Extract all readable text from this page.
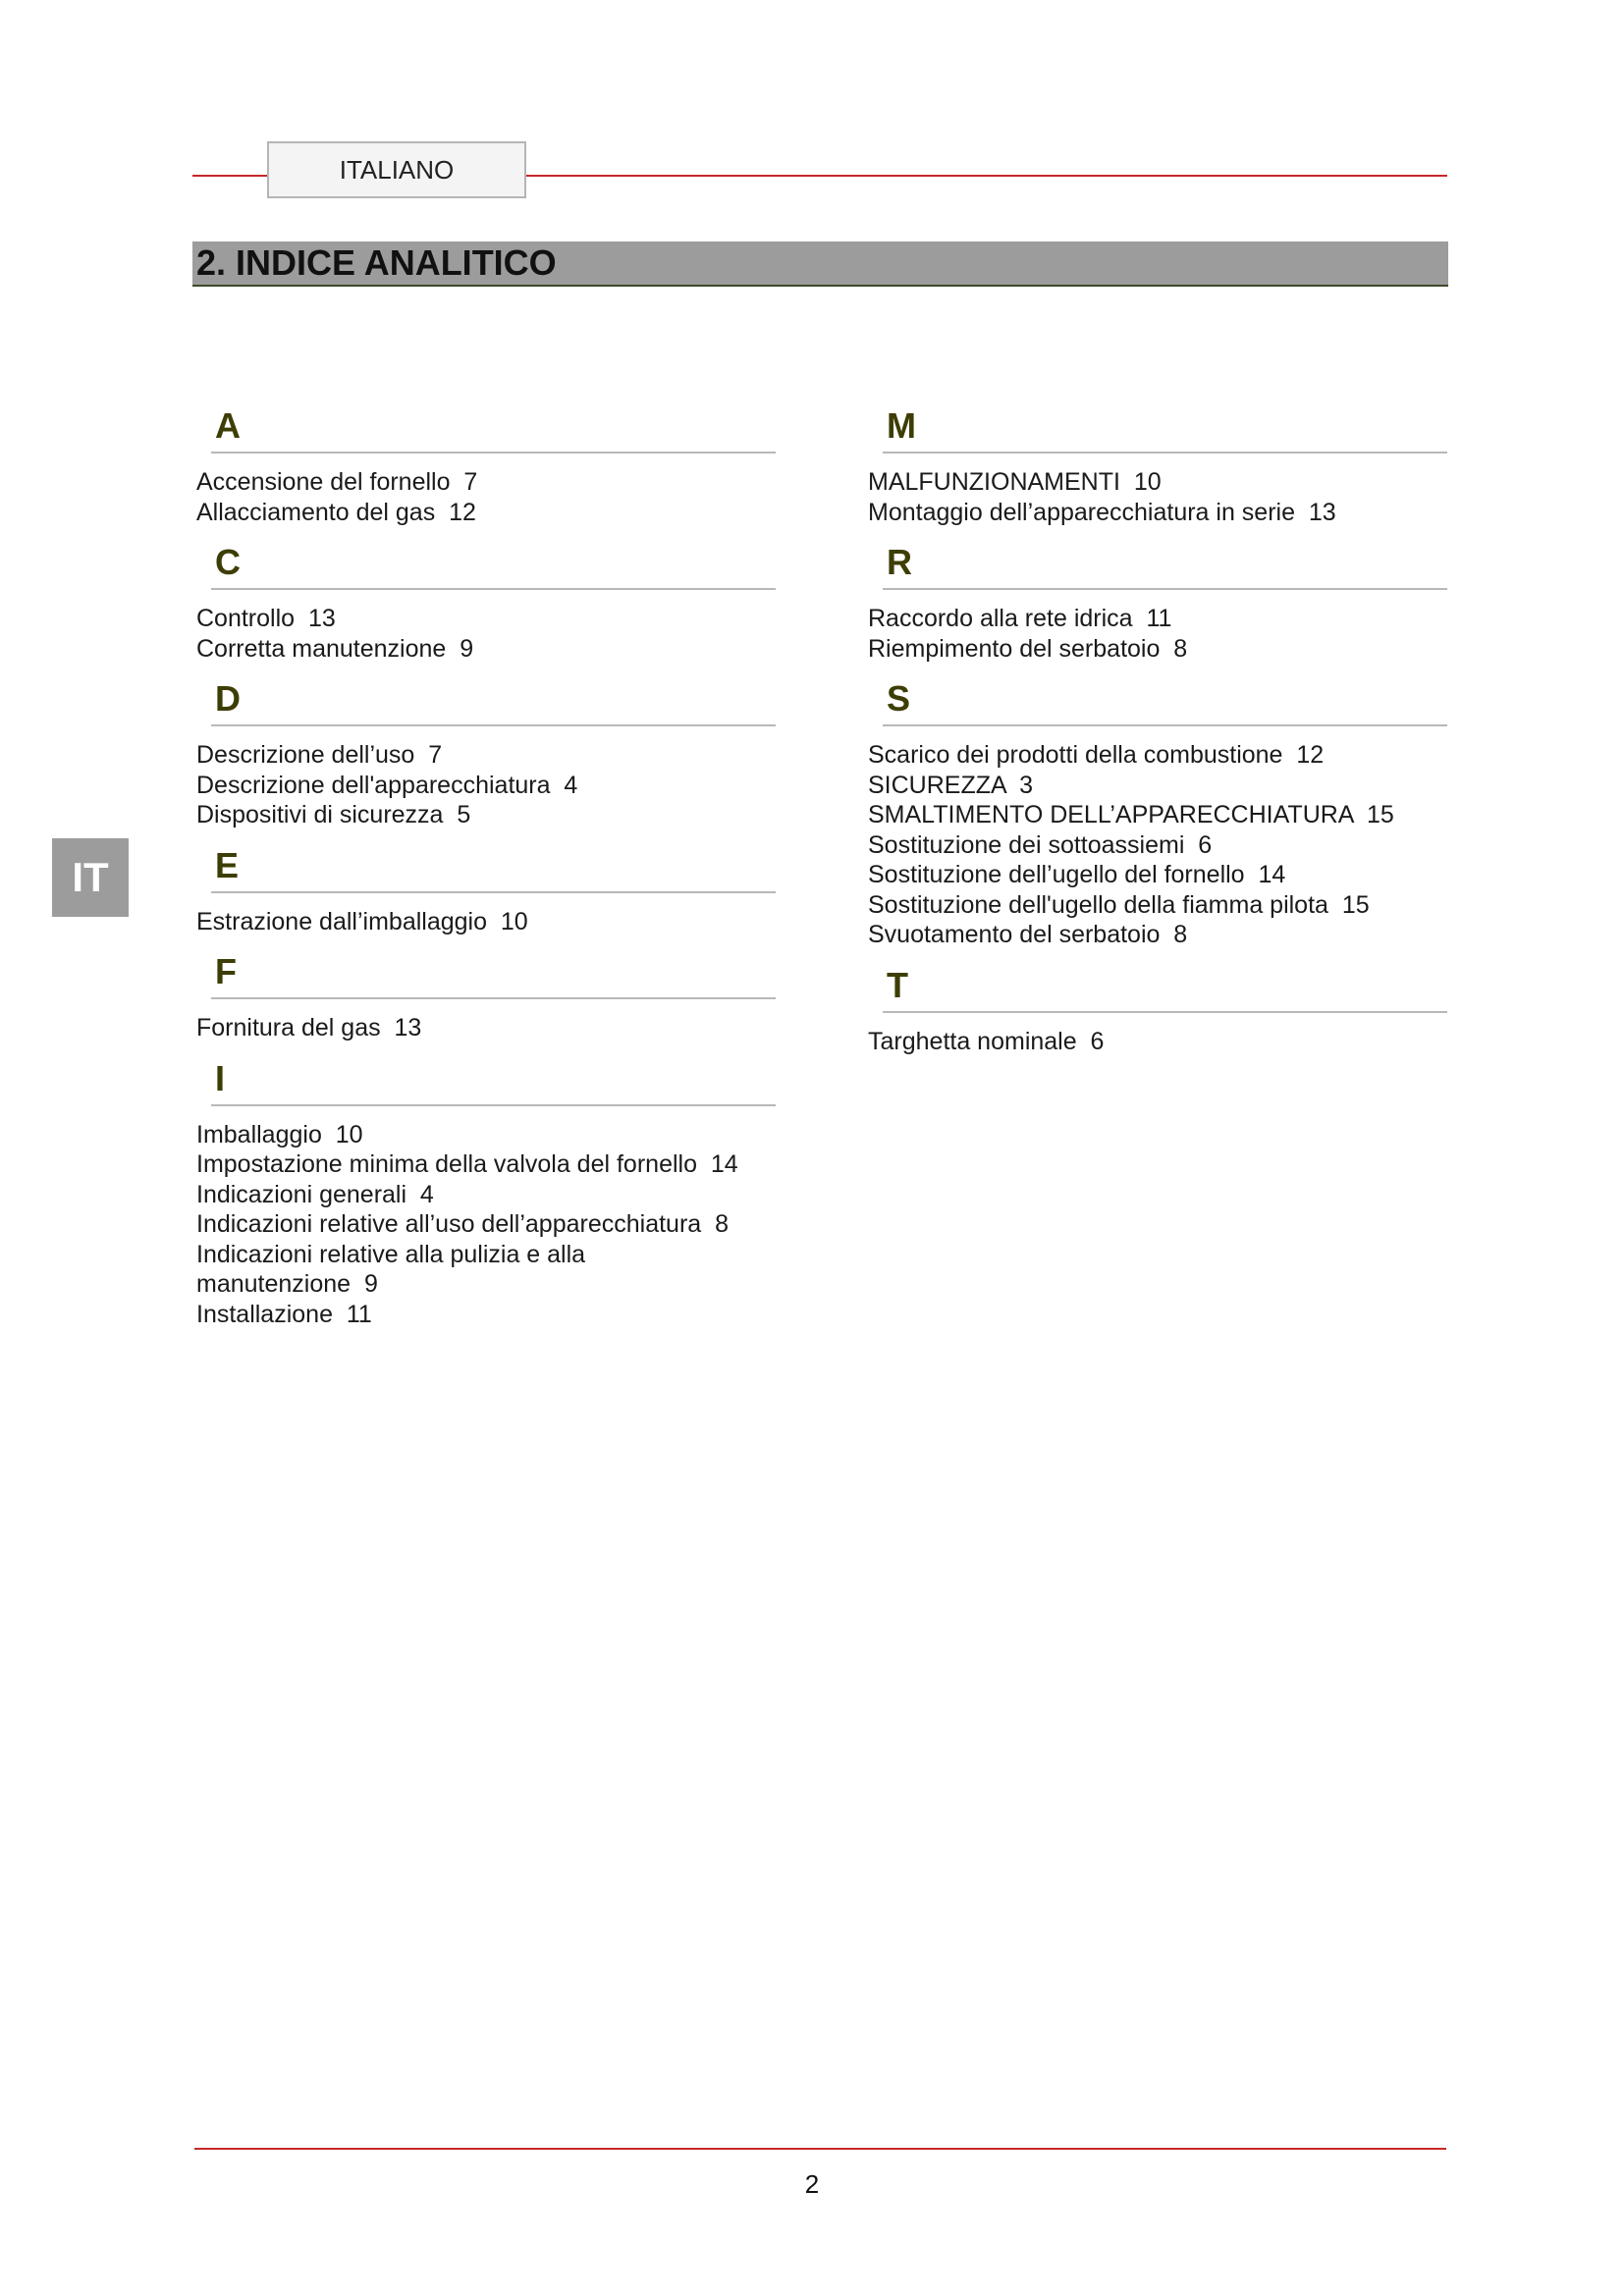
ITALIANO
2. INDICE ANALITICO
IT
A
Accensione del fornello  7
Allacciamento del gas  12
C
Controllo  13
Corretta manutenzione  9
D
Descrizione dell’uso  7
Descrizione dell'apparecchiatura  4
Dispositivi di sicurezza  5
E
Estrazione dall’imballaggio  10
F
Fornitura del gas  13
I
Imballaggio  10
Impostazione minima della valvola del fornello  14
Indicazioni generali  4
Indicazioni relative all’uso dell’apparecchiatura  8
Indicazioni relative alla pulizia e alla
manutenzione  9
Installazione  11
M
MALFUNZIONAMENTI  10
Montaggio dell’apparecchiatura in serie  13
R
Raccordo alla rete idrica  11
Riempimento del serbatoio  8
S
Scarico dei prodotti della combustione  12
SICUREZZA  3
SMALTIMENTO DELL’APPARECCHIATURA  15
Sostituzione dei sottoassiemi  6
Sostituzione dell’ugello del fornello  14
Sostituzione dell'ugello della fiamma pilota  15
Svuotamento del serbatoio  8
T
Targhetta nominale  6
2
